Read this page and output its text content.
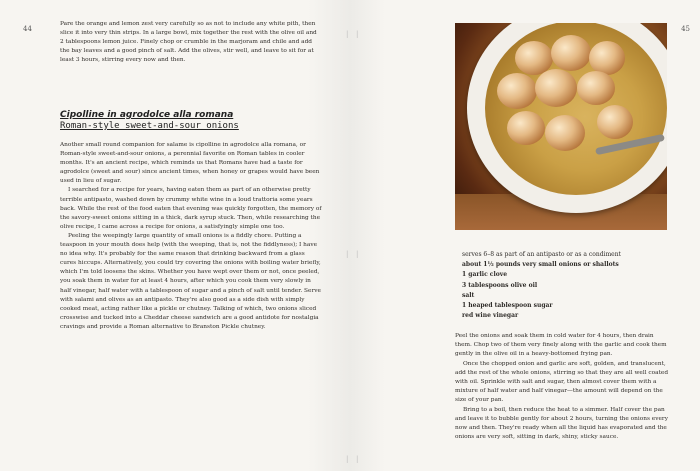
44
|
|
|

Pare the orange and lemon zest very carefully so as not to include any white pith, then slice it into very thin strips. In a large bowl, mix together the rest with the olive oil and 2 tablespoons lemon juice. Finely chop or crumble in the marjoram and chile and add the bay leaves and a good pinch of salt. Add the olives, stir well, and leave to sit for at least 3 hours, stirring every now and then.

Cipolline in agrodolce alla romana
Roman-style sweet-and-sour onions

Another small round companion for salame is cipolline in agrodolce alla romana, or Roman-style sweet-and-sour onions, a perennial favorite on Roman tables in cooler months. It's an ancient recipe, which reminds us that Romans have had a taste for agrodolce (sweet and sour) since ancient times, when honey or grapes would have been used in lieu of sugar.

I searched for a recipe for years, having eaten them as part of an otherwise pretty terrible antipasto, washed down by crummy white wine in a loud trattoria some years back. While the rest of the food eaten that evening was quickly forgotten, the memory of the savory-sweet onions sitting in a thick, dark syrup stuck. Then, while researching the olive recipe, I came across a recipe for onions, a satisfyingly simple one too.

Peeling the weepingly large quantity of small onions is a fiddly chore. Putting a teaspoon in your mouth does help (with the weeping, that is, not the fiddlyness); I have no idea why. It's probably for the same reason that drinking backward from a glass cures hiccups. Alternatively, you could try covering the onions with boiling water briefly, which I'm told loosens the skins. Whether you have wept over them or not, once peeled, you soak them in water for at least 4 hours, after which you cook them very slowly in half vinegar, half water with a tablespoon of sugar and a pinch of salt until tender. Serve with salami and olives as an antipasto. They're also good as a side dish with simply cooked meat, acting rather like a pickle or chutney. Talking of which, two onions sliced crosswise and tucked into a Cheddar cheese sandwich are a good antidote for nostalgia cravings and provide a Roman alternative to Branston Pickle chutney.

45
|
|
|
serves 6–8 as part of an antipasto or as a condiment
about 1½ pounds very small onions or shallots
1 garlic clove
3 tablespoons olive oil
salt
1 heaped tablespoon sugar
red wine vinegar

Peel the onions and soak them in cold water for 4 hours, then drain them. Chop two of them very finely along with the garlic and cook them gently in the olive oil in a heavy-bottomed frying pan.

Once the chopped onion and garlic are soft, golden, and translucent, add the rest of the whole onions, stirring so that they are all well coated with oil. Sprinkle with salt and sugar, then almost cover them with a mixture of half water and half vinegar—the amount will depend on the size of your pan.

Bring to a boil, then reduce the heat to a simmer. Half cover the pan and leave it to bubble gently for about 2 hours, turning the onions every now and then. They're ready when all the liquid has evaporated and the onions are very soft, sitting in dark, shiny, sticky sauce.
